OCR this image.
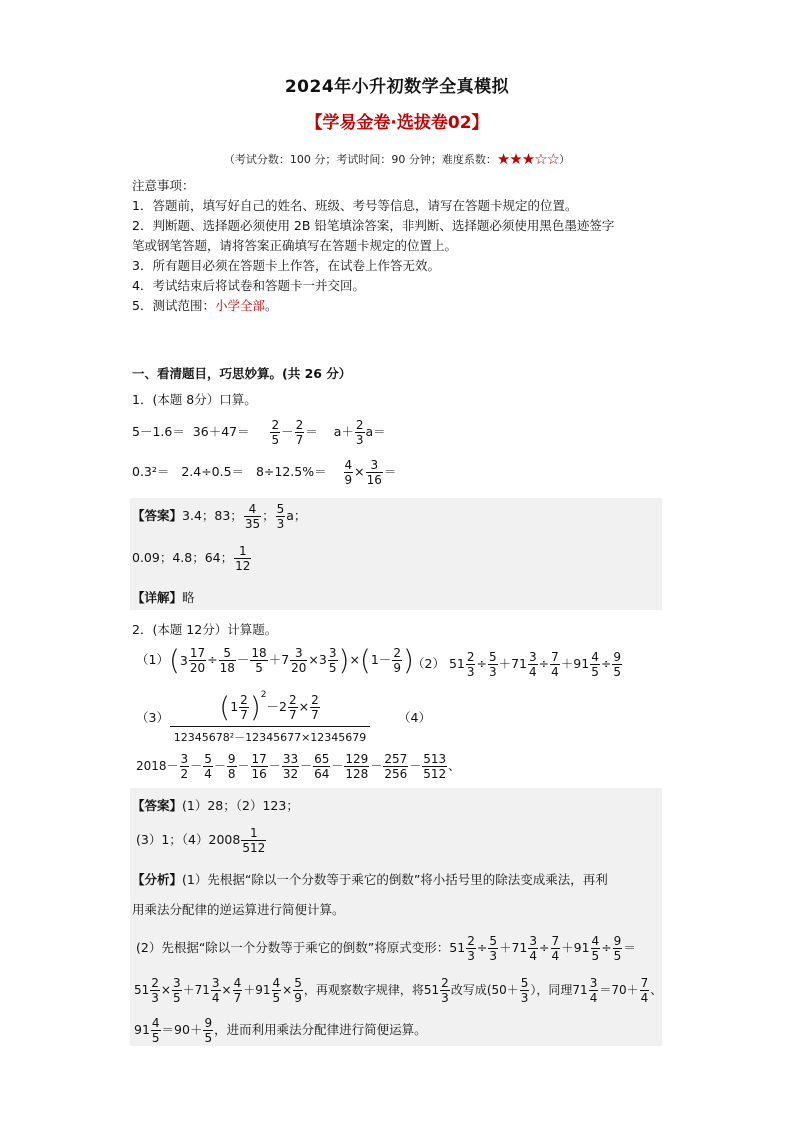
2024年小升初数学全真模拟
【学易金卷·选拔卷02】
（考试分数：100 分；考试时间：90 分钟；难度系数：★★★☆☆）
注意事项：
1．答题前，填写好自己的姓名、班级、考号等信息，请写在答题卡规定的位置。
2．判断题、选择题必须使用 2B 铅笔填涂答案，非判断、选择题必须使用黑色墨迹签字
笔或钢笔答题，请将答案正确填写在答题卡规定的位置上。
3．所有题目必须在答题卡上作答，在试卷上作答无效。
4．考试结束后将试卷和答题卡一并交回。
5．测试范围：小学全部。
一、看清题目，巧思妙算。(共 26 分）
1．(本题 8分）口算。
$5-1.6= 36+47= \frac{2}{5} - \frac{2}{7} = a+ \frac{2}{3} a=$
$0.3^2= 2.4\div 0.5= 8\div 12.5\%= \frac{4}{9} \times \frac{3}{16}$ ＝
【答案】3.4；83； $\frac{4}{35}$ ； $\frac{5}{3}$ a；
0.09；4.8；64； $\frac{1}{12}$
【详解】略
2．(本题 12分）计算题。
$(1)(3 \frac{17}{20} \div \frac{5}{18} - \frac{18}{5} +7 \frac{3}{20} \times 3 \frac{3}{5} )\times(1- \frac{2}{9}$ )
（2） $51 \frac{2}{3} \div \frac{5}{3} +71 \frac{3}{4} \div \frac{7}{4} +91 \frac{4}{5} \div \frac{9}{5}$
（3）	$(1 \frac{2}{7} )^2-2 \frac{2}{7} \times \frac{2}{7}$
12345678²－12345677×12345679
（4）
$2018- \frac{3}{2} - \frac{5}{4} - \frac{9}{8} - \frac{17}{16} - \frac{33}{32} - \frac{65}{64} - \frac{129}{128} - \frac{257}{256} - \frac{513}{512}$ 、
【答案】(1）28；（2）123；
(3）1；$(4)2008 \frac{1}{512}$
【分析】(1）先根据“除以一个分数等于乘它的倒数”将小括号里的除法变成乘法，再利
用乘法分配律的逆运算进行简便计算。
(2）先根据“除以一个分数等于乘它的倒数”将原式变形：$51 \frac{2}{3} \div \frac{5}{3} +71 \frac{3}{4} \div \frac{7}{4} +91 \frac{4}{5} \div \frac{9}{5}$ ＝
$51 \frac{2}{3} \times \frac{3}{5} +71 \frac{3}{4} \times \frac{4}{7} +91 \frac{4}{5} \times \frac{5}{9}$ ，再观察数字规律，将$51 \frac{2}{3}$ 改写成($50+ \frac{5}{3}$ ），同理$71 \frac{3}{4} =70+ \frac{7}{4}$ 、
$91 \frac{4}{5} =90+ \frac{9}{5}$ ，进而利用乘法分配律进行简便运算。
